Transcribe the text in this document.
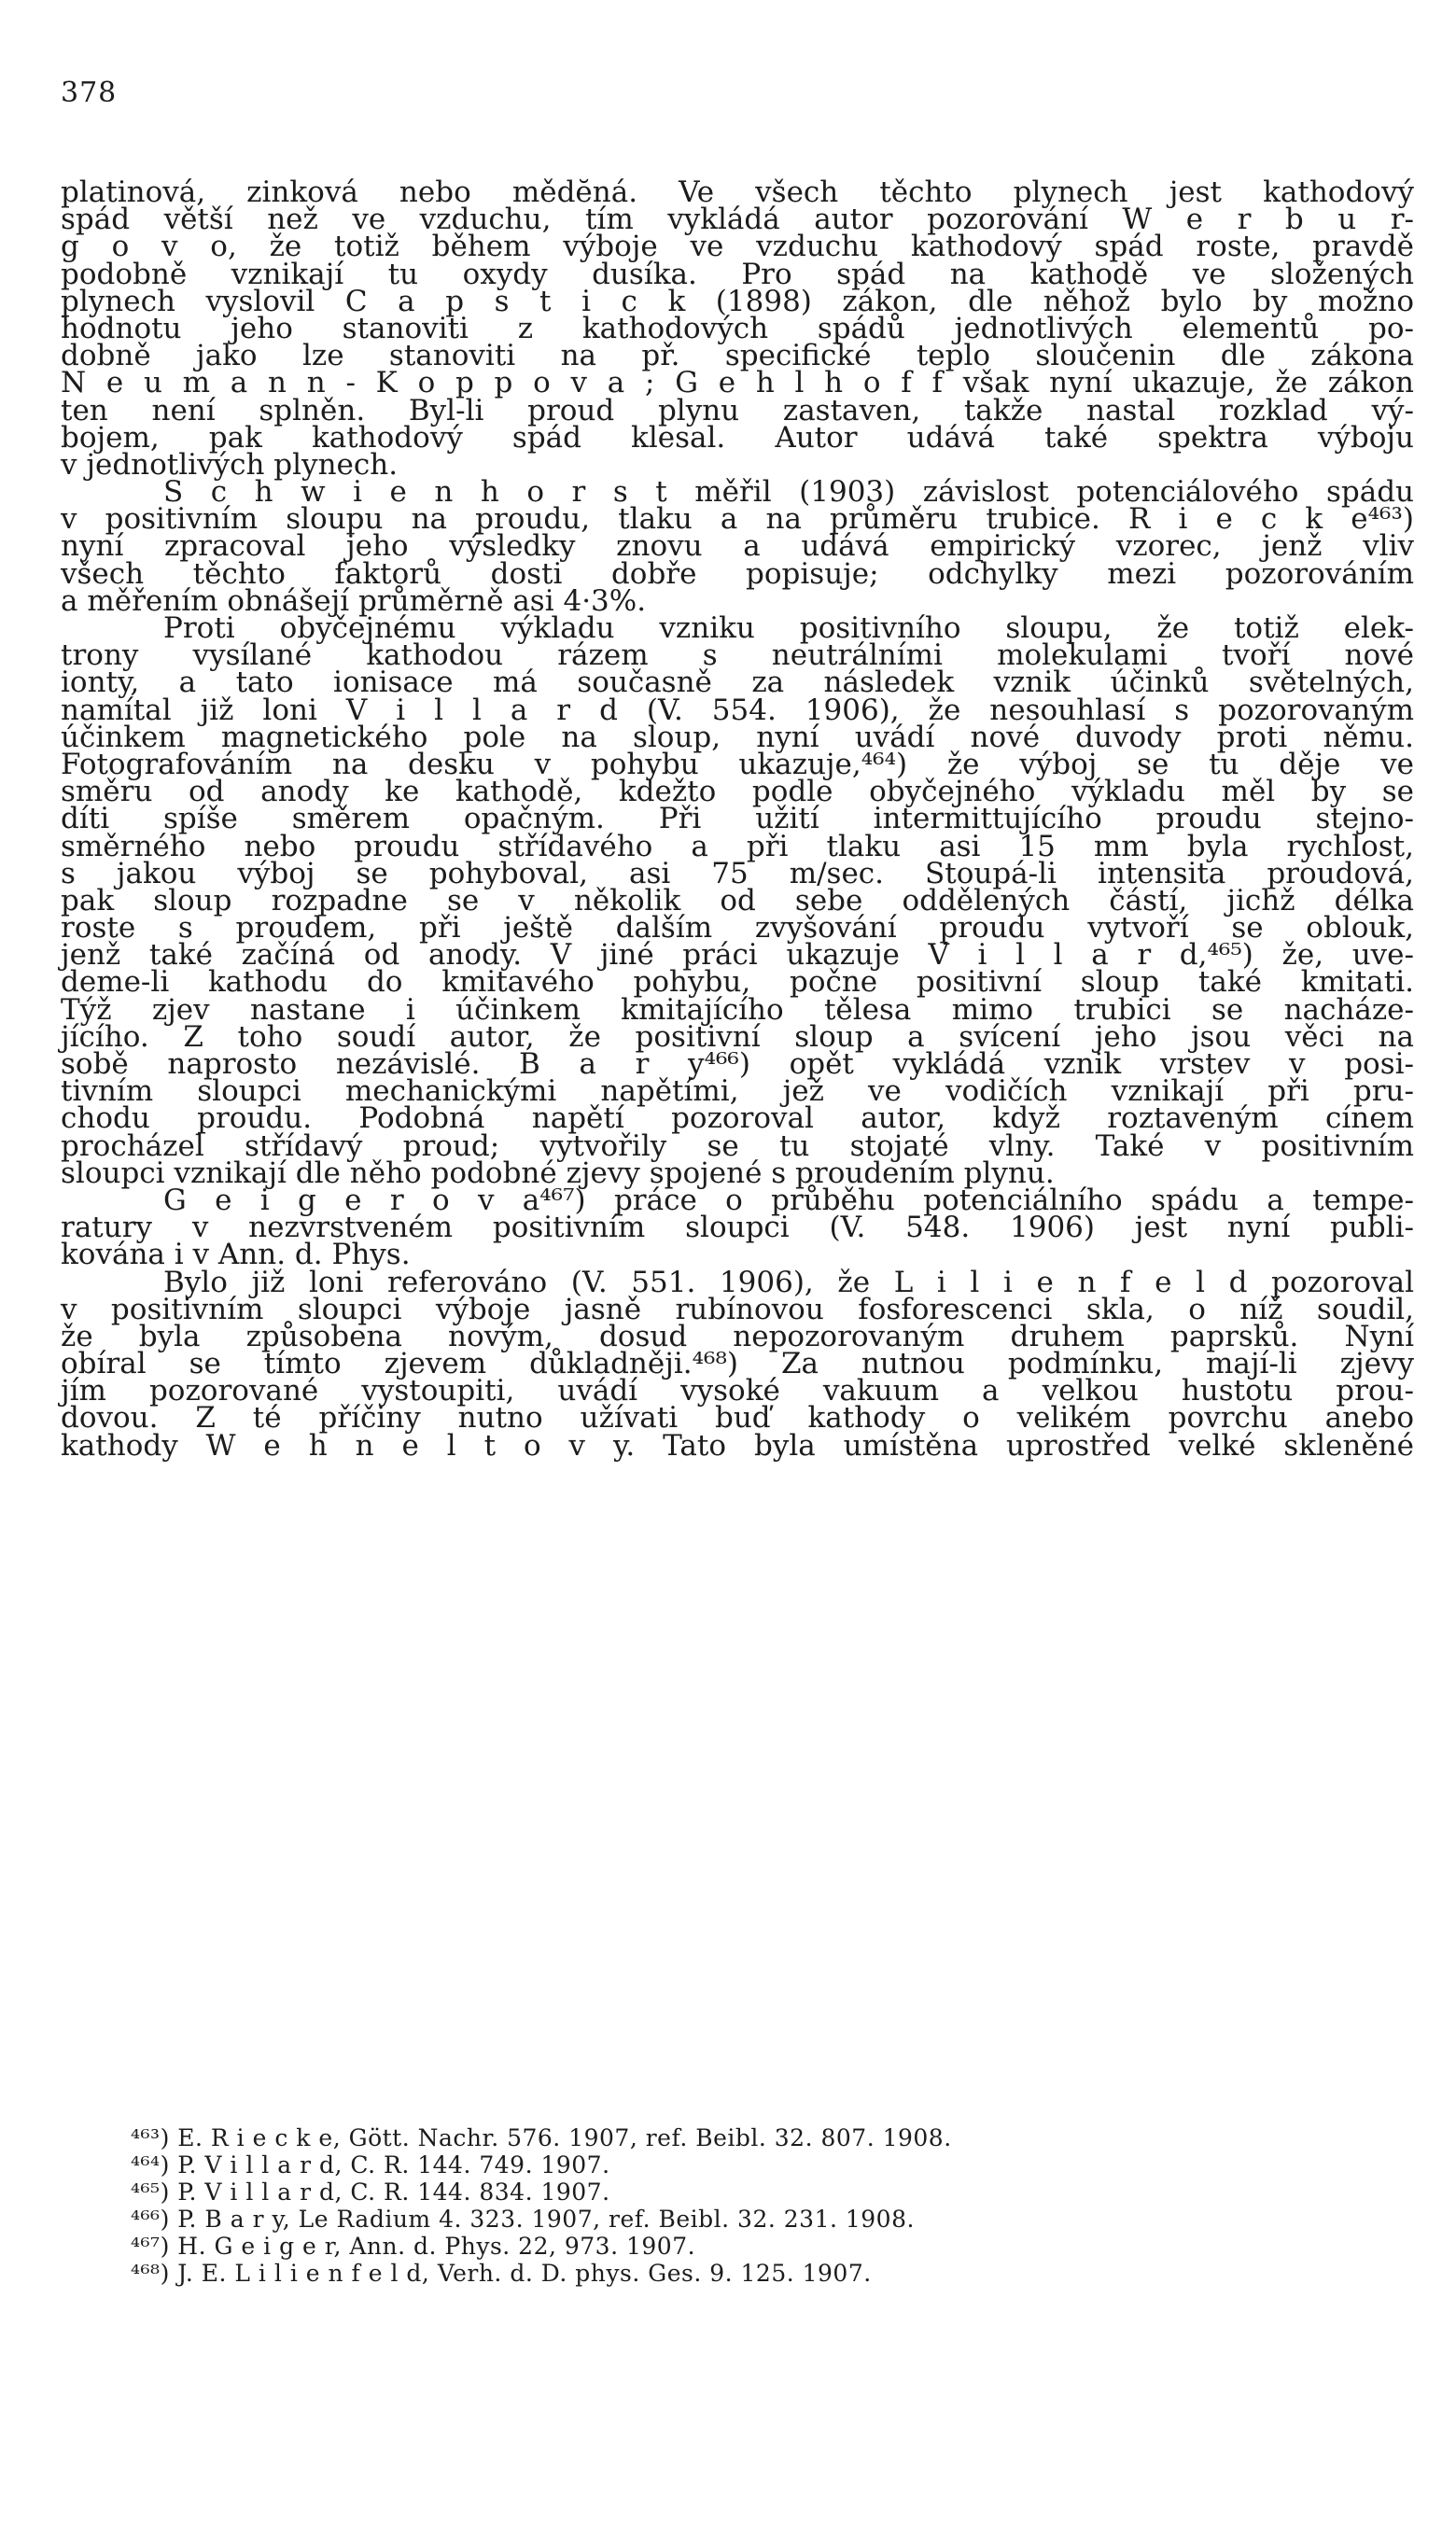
378
platinová, zinková nebo mědĕná. Ve všech těchto plynech jest kathodový
spád větší než ve vzduchu, tím vykládá autor pozorování W e r b u r-
g o v o, že totiž během výboje ve vzduchu kathodový spád roste, pravdě
podobně vznikají tu oxydy dusíka. Pro spád na kathodě ve složených
plynech vyslovil C a p s t i c k (1898) zákon, dle něhož bylo by možno
hodnotu jeho stanoviti z kathodových spádů jednotlivých elementů po-
dobně jako lze stanoviti na př. specifické teplo sloučenin dle zákona
N e u m a n n - K o p p o v a ; G e h l h o f f však nyní ukazuje, že zákon
ten není splněn. Byl-li proud plynu zastaven, takže nastal rozklad vý-
bojem, pak kathodový spád klesal. Autor udává také spektra výboju
v jednotlivých plynech.
S c h w i e n h o r s t měřil (1903) závislost potenciálového spádu
v positivním sloupu na proudu, tlaku a na průměru trubice. R i e c k e⁴⁶³)
nyní zpracoval jeho výsledky znovu a udává empirický vzorec, jenž vliv
všech těchto faktorů dosti dobře popisuje; odchylky mezi pozorováním
a měřením obnášejí průměrně asi 4·3%.
Proti obyčejnému výkladu vzniku positivního sloupu, že totiž elek-
trony vysílané kathodou rázem s neutrálními molekulami tvoří nové
ionty, a tato ionisace má současně za následek vznik účinků světelných,
namítal již loni V i l l a r d (V. 554. 1906), že nesouhlasí s pozorovaným
účinkem magnetického pole na sloup, nyní uvádí nové duvody proti němu.
Fotografováním na desku v pohybu ukazuje,⁴⁶⁴) že výboj se tu děje ve
směru od anody ke kathodě, kdežto podle obyčejného výkladu měl by se
díti spíše směrem opačným. Při užití intermittujícího proudu stejno-
směrného nebo proudu střídavého a při tlaku asi 15 mm byla rychlost,
s jakou výboj se pohyboval, asi 75 m/sec. Stoupá-li intensita proudová,
pak sloup rozpadne se v několik od sebe oddělených částí, jichž délka
roste s proudem, při ještě dalším zvyšování proudu vytvoří se oblouk,
jenž také začíná od anody. V jiné práci ukazuje V i l l a r d,⁴⁶⁵) že, uve-
deme-li kathodu do kmitavého pohybu, počne positivní sloup také kmitati.
Týž zjev nastane i účinkem kmitajícího tělesa mimo trubici se nacháze-
jícího. Z toho soudí autor, že positivní sloup a svícení jeho jsou věci na
sobě naprosto nezávislé. B a r y⁴⁶⁶) opět vykládá vznik vrstev v posi-
tivním sloupci mechanickými napětími, jež ve vodičích vznikají při pru-
chodu proudu. Podobná napětí pozoroval autor, když roztaveným cínem
procházel střídavý proud; vytvořily se tu stojaté vlny. Také v positivním
sloupci vznikají dle něho podobné zjevy spojené s proudením plynu.
G e i g e r o v a⁴⁶⁷) práce o průběhu potenciálního spádu a tempe-
ratury v nezvrstveném positivním sloupci (V. 548. 1906) jest nyní publi-
kována i v Ann. d. Phys.
Bylo již loni referováno (V. 551. 1906), že L i l i e n f e l d pozoroval
v positivním sloupci výboje jasně rubínovou fosforescenci skla, o níž soudil,
že byla způsobena novým, dosud nepozorovaným druhem paprsků. Nyní
obíral se tímto zjevem důkladněji.⁴⁶⁸) Za nutnou podmínku, mají-li zjevy
jím pozorované vystoupiti, uvádí vysoké vakuum a velkou hustotu prou-
dovou. Z té příčiny nutno užívati buď kathody o velikém povrchu anebo
kathody W e h n e l t o v y. Tato byla umístěna uprostřed velké skleněné
⁴⁶³) E. R i e c k e, Gött. Nachr. 576. 1907, ref. Beibl. 32. 807. 1908.
⁴⁶⁴) P. V i l l a r d, C. R. 144. 749. 1907.
⁴⁶⁵) P. V i l l a r d, C. R. 144. 834. 1907.
⁴⁶⁶) P. B a r y, Le Radium 4. 323. 1907, ref. Beibl. 32. 231. 1908.
⁴⁶⁷) H. G e i g e r, Ann. d. Phys. 22, 973. 1907.
⁴⁶⁸) J. E. L i l i e n f e l d, Verh. d. D. phys. Ges. 9. 125. 1907.
